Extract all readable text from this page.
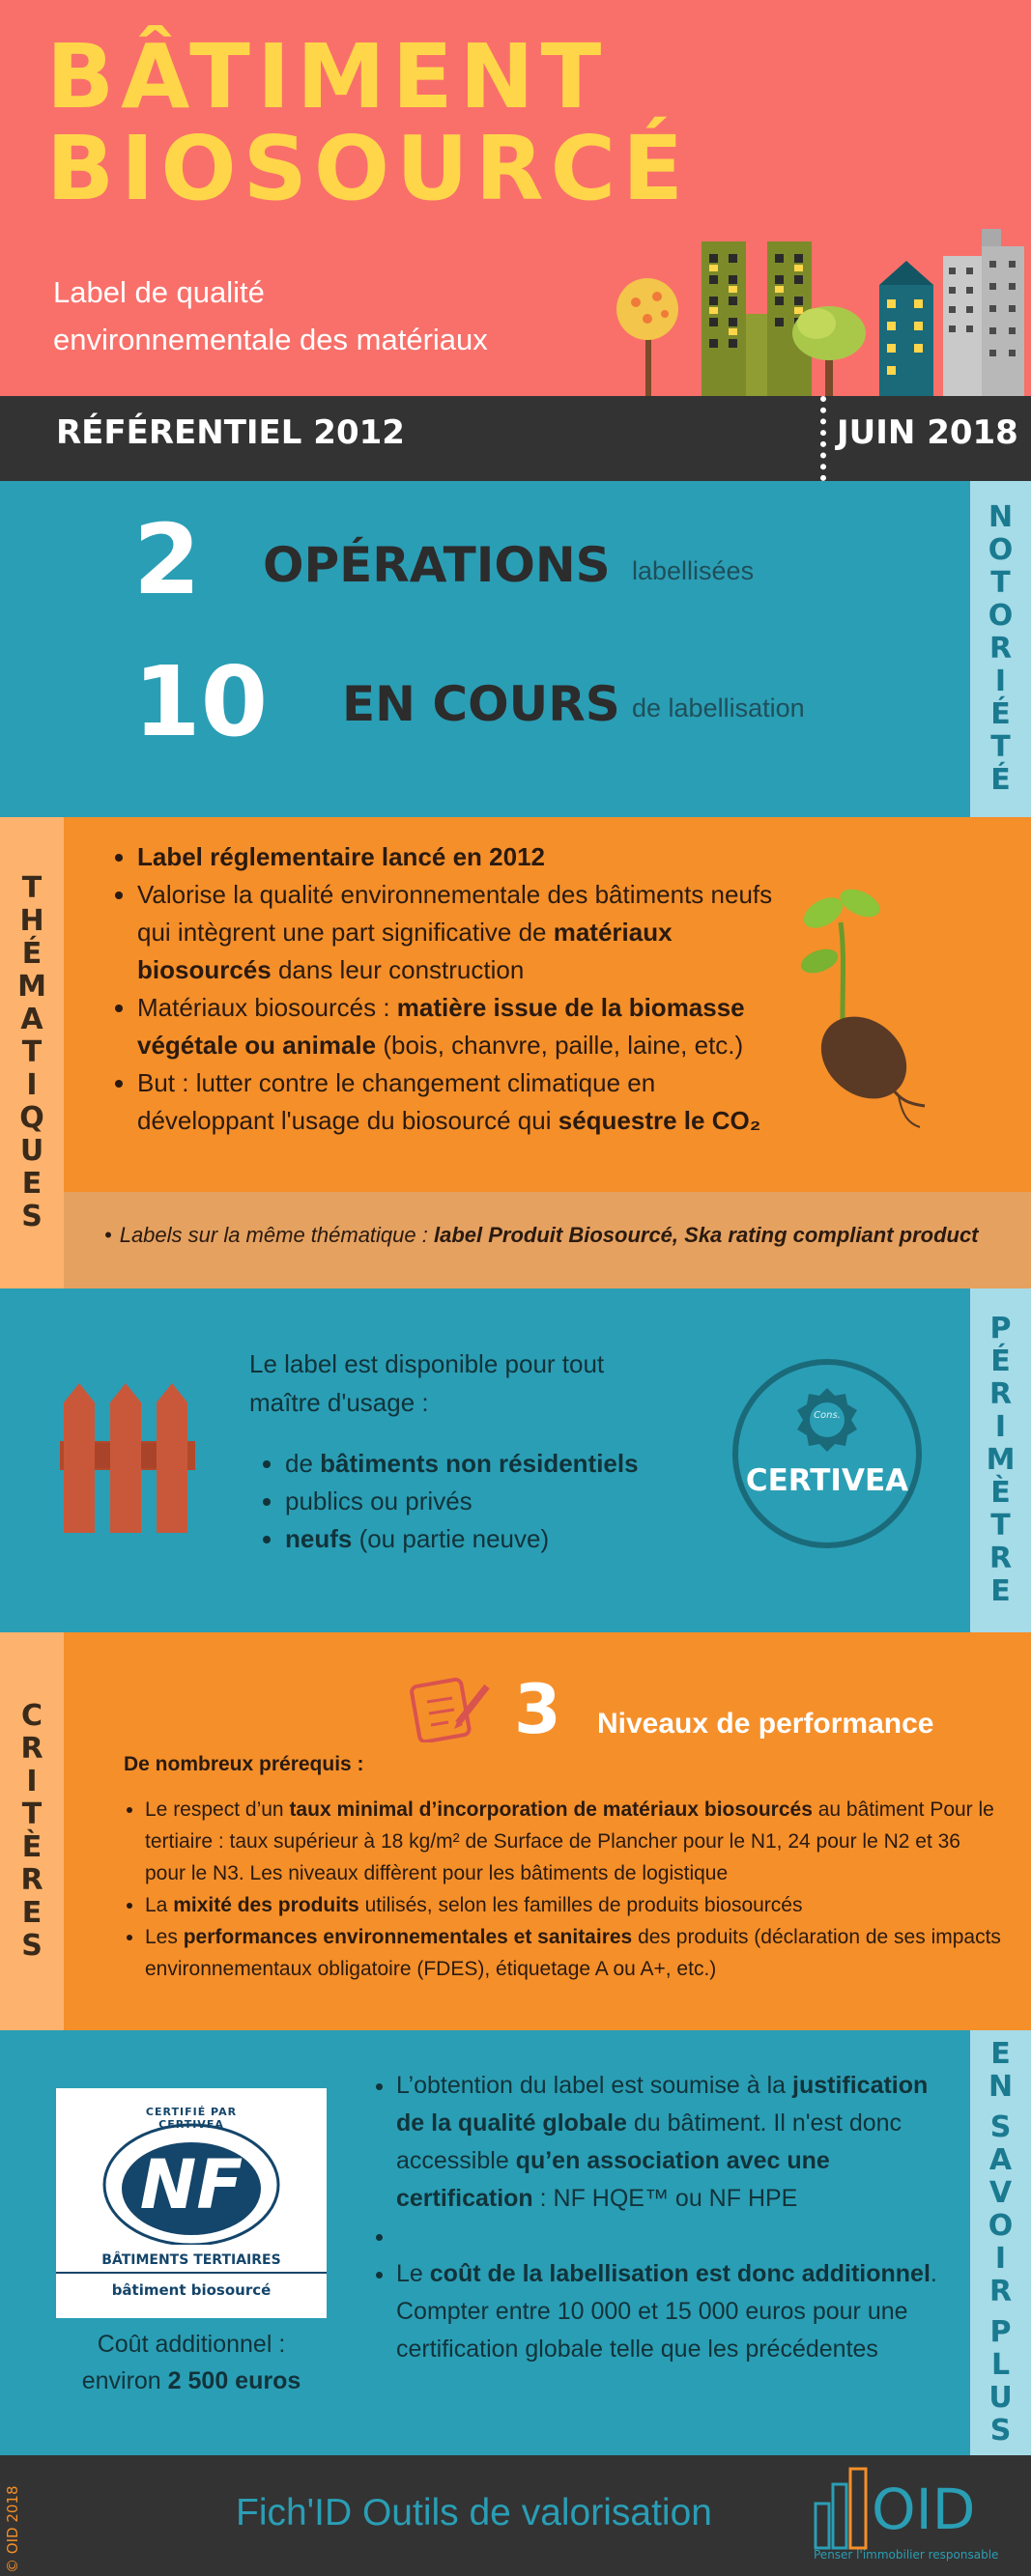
BÂTIMENT
BIOSOURCÉ
Label de qualité
environnementale des matériaux
RÉFÉRENTIEL 2012	JUIN 2018
N
O
T
O
R
I
É
T
É
2 OPÉRATIONS labellisées
10 EN COURS de labellisation
T
H
É
M
A
T
I
Q
U
E
S
• Label réglementaire lancé en 2012
• Valorise la qualité environnementale des bâtiments neufs qui intègrent une part significative de matériaux biosourcés dans leur construction
• Matériaux biosourcés : matière issue de la biomasse végétale ou animale (bois, chanvre, paille, laine, etc.)
• But : lutter contre le changement climatique en développant l'usage du biosourcé qui séquestre le CO₂
• Labels sur la même thématique : label Produit Biosourcé, Ska rating compliant product
P
É
R
I
M
È
T
R
E
Le label est disponible pour tout maître d'usage :
• de bâtiments non résidentiels
• publics ou privés
• neufs (ou partie neuve)
Cons.
CERTIVEA
C
R
I
T
È
R
E
S
3 Niveaux de performance
De nombreux prérequis :
• Le respect d’un taux minimal d’incorporation de matériaux biosourcés au bâtiment Pour le tertiaire : taux supérieur à 18 kg/m² de Surface de Plancher pour le N1, 24 pour le N2 et 36 pour le N3. Les niveaux diffèrent pour les bâtiments de logistique
• La mixité des produits utilisés, selon les familles de produits biosourcés
• Les performances environnementales et sanitaires des produits (déclaration de ses impacts environnementaux obligatoire (FDES), étiquetage A ou A+, etc.)
E
N
S
A
V
O
I
R
P
L
U
S
CERTIFIÉ PAR CERTIVEA
NF
BÂTIMENTS TERTIAIRES
bâtiment biosourcé
Coût additionnel :
environ 2 500 euros
• L’obtention du label est soumise à la justification de la qualité globale du bâtiment. Il n'est donc accessible qu’en association avec une certification : NF HQE™ ou NF HPE
•
• Le coût de la labellisation est donc additionnel. Compter entre 10 000 et 15 000 euros pour une certification globale telle que les précédentes
© OID 2018	Fich'ID Outils de valorisation	OID
Penser l'immobilier responsable
